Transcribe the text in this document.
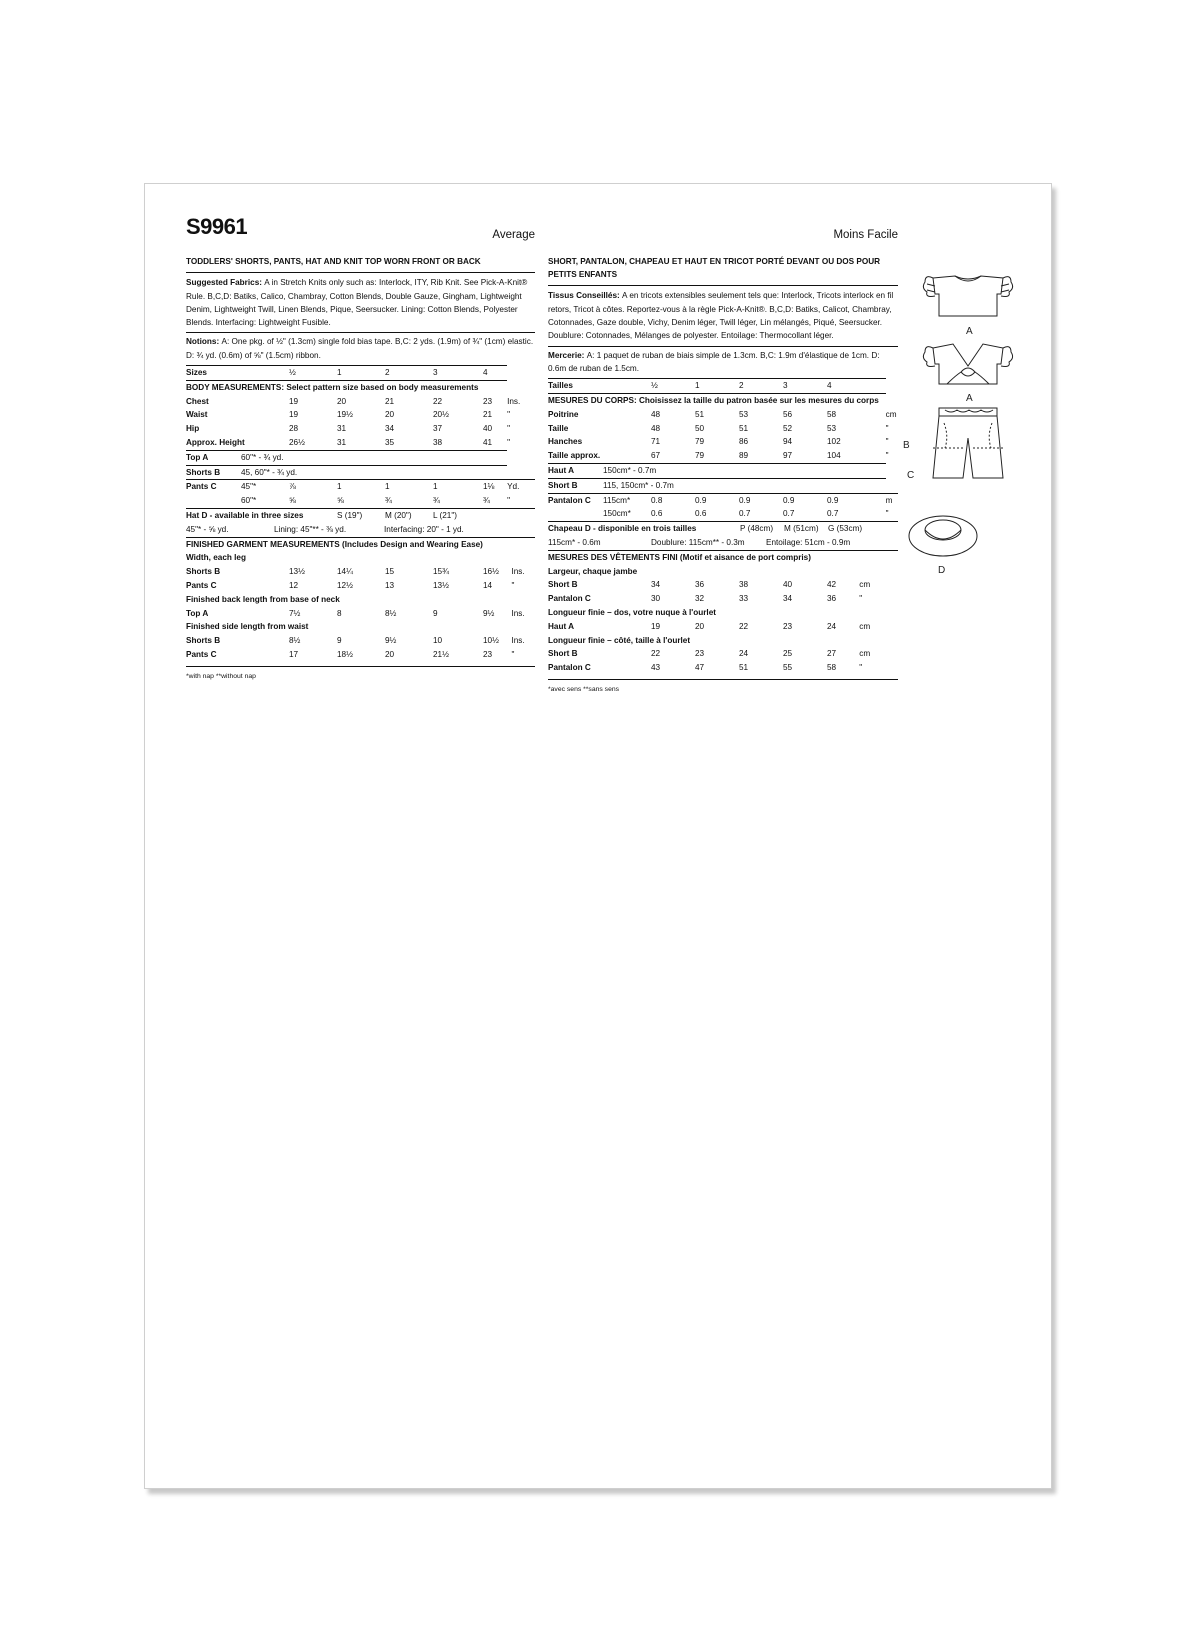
S9961	Average
TODDLERS' SHORTS, PANTS, HAT AND KNIT TOP WORN FRONT OR BACK
Suggested Fabrics: A in Stretch Knits only such as: Interlock, ITY, Rib Knit. See Pick-A-Knit® Rule. B,C,D: Batiks, Calico, Chambray, Cotton Blends, Double Gauze, Gingham, Lightweight Denim, Lightweight Twill, Linen Blends, Pique, Seersucker. Lining: Cotton Blends, Polyester Blends. Interfacing: Lightweight Fusible.
Notions: A: One pkg. of ½" (1.3cm) single fold bias tape. B,C: 2 yds. (1.9m) of ¾" (1cm) elastic. D: ¾ yd. (0.6m) of ⅝" (1.5cm) ribbon.
Sizes		½	1	2	3	4	
BODY MEASUREMENTS: Select pattern size based on body measurements							
Chest		19	20	21	22	23	Ins.
Waist		19	19½	20	20½	21	"
Hip		28	31	34	37	40	"
Approx. Height		26½	31	35	38	41	"
Top A	60"* - ¾ yd.						
Shorts B	45, 60"* - ¾ yd.						
Pants C	45"*	⅞	1	1	1	1⅛	Yd.
	60"*	⅝	⅝	¾	¾	¾	"
Hat D - available in three sizes	S (19")	M (20")	L (21")
45"* - ⅝ yd.	Lining: 45"** - ⅜ yd.	Interfacing: 20" - 1 yd.
FINISHED GARMENT MEASUREMENTS (Includes Design and Wearing Ease)						
Width, each leg						
Shorts B	13½	14¼	15	15¾	16½	Ins.
Pants C	12	12½	13	13½	14	"
Finished back length from base of neck						
Top A	7½	8	8½	9	9½	Ins.
Finished side length from waist						
Shorts B	8½	9	9½	10	10½	Ins.
Pants C	17	18½	20	21½	23	"
*with nap **without nap
Moins Facile
SHORT, PANTALON, CHAPEAU ET HAUT EN TRICOT PORTÉ DEVANT OU DOS POUR PETITS ENFANTS
Tissus Conseillés: A en tricots extensibles seulement tels que: Interlock, Tricots interlock en fil retors, Tricot à côtes. Reportez-vous à la règle Pick-A-Knit®. B,C,D: Batiks, Calicot, Chambray, Cotonnades, Gaze double, Vichy, Denim léger, Twill léger, Lin mélangés, Piqué, Seersucker. Doublure: Cotonnades, Mélanges de polyester. Entoilage: Thermocollant léger.
Mercerie: A: 1 paquet de ruban de biais simple de 1.3cm. B,C: 1.9m d'élastique de 1cm. D: 0.6m de ruban de 1.5cm.
Tailles		½	1	2	3	4	
MESURES DU CORPS: Choisissez la taille du patron basée sur les mesures du corps							
Poitrine		48	51	53	56	58	cm
Taille		48	50	51	52	53	"
Hanches		71	79	86	94	102	"
Taille approx.		67	79	89	97	104	"
Haut A	150cm* - 0.7m						
Short B	115, 150cm* - 0.7m						
Pantalon C	115cm*	0.8	0.9	0.9	0.9	0.9	m
	150cm*	0.6	0.6	0.7	0.7	0.7	"
Chapeau D - disponible en trois tailles	P (48cm) M (51cm) G (53cm)
115cm* - 0.6m	Doublure: 115cm** - 0.3m	Entoilage: 51cm - 0.9m
MESURES DES VÊTEMENTS FINI (Motif et aisance de port compris)						
Largeur, chaque jambe						
Short B	34	36	38	40	42	cm
Pantalon C	30	32	33	34	36	"
Longueur finie – dos, votre nuque à l'ourlet						
Haut A	19	20	22	23	24	cm
Longueur finie – côté, taille à l'ourlet						
Short B	22	23	24	25	27	cm
Pantalon C	43	47	51	55	58	"
*avec sens **sans sens
A
A
B
C
D
